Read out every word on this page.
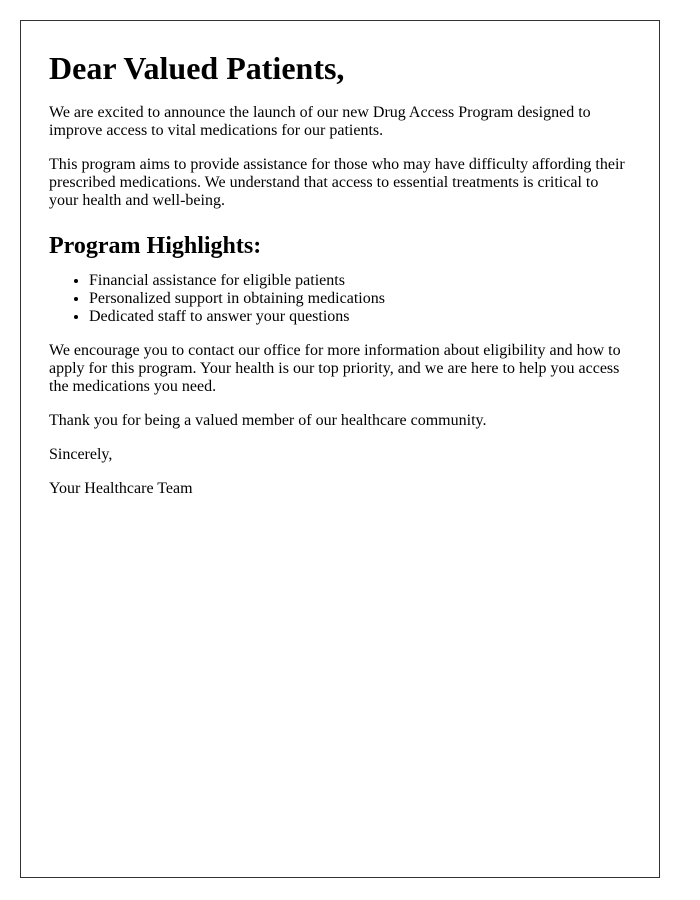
Dear Valued Patients,

We are excited to announce the launch of our new Drug Access Program designed to improve access to vital medications for our patients.

This program aims to provide assistance for those who may have difficulty affording their prescribed medications. We understand that access to essential treatments is critical to your health and well-being.

Program Highlights:
• Financial assistance for eligible patients
• Personalized support in obtaining medications
• Dedicated staff to answer your questions

We encourage you to contact our office for more information about eligibility and how to apply for this program. Your health is our top priority, and we are here to help you access the medications you need.

Thank you for being a valued member of our healthcare community.

Sincerely,

Your Healthcare Team
